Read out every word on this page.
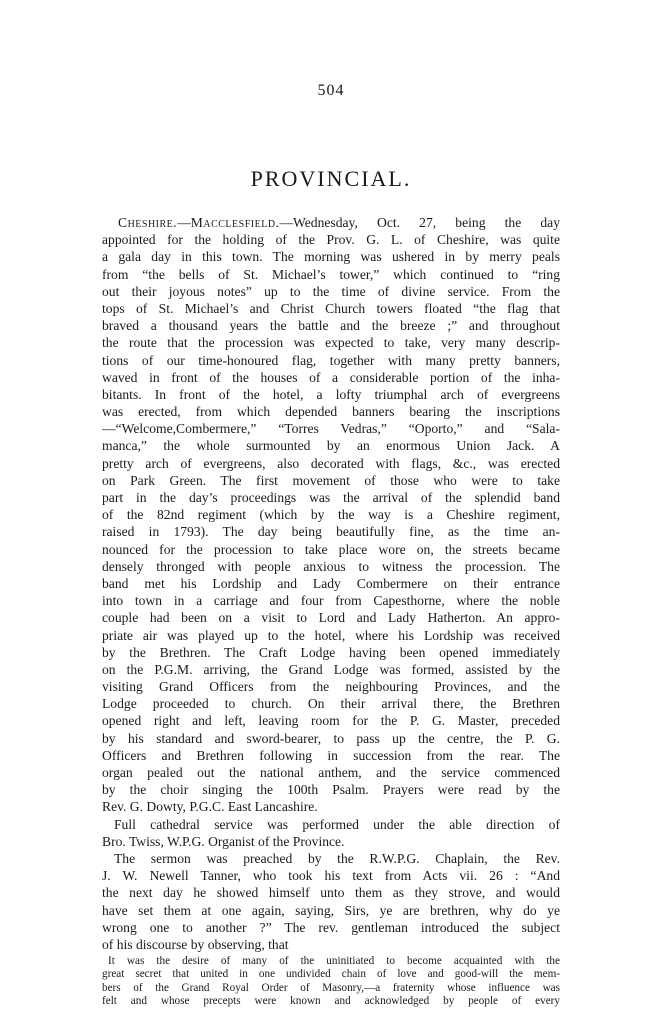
504
PROVINCIAL.
Cheshire.—Macclesfield.—Wednesday, Oct. 27, being the day
appointed for the holding of the Prov. G. L. of Cheshire, was quite
a gala day in this town. The morning was ushered in by merry peals
from “the bells of St. Michael’s tower,” which continued to “ring
out their joyous notes” up to the time of divine service. From the
tops of St. Michael’s and Christ Church towers floated “the flag that
braved a thousand years the battle and the breeze ;” and throughout
the route that the procession was expected to take, very many descrip-
tions of our time-honoured flag, together with many pretty banners,
waved in front of the houses of a considerable portion of the inha-
bitants. In front of the hotel, a lofty triumphal arch of evergreens
was erected, from which depended banners bearing the inscriptions
—“Welcome,Combermere,” “Torres Vedras,” “Oporto,” and “Sala-
manca,” the whole surmounted by an enormous Union Jack. A
pretty arch of evergreens, also decorated with flags, &c., was erected
on Park Green. The first movement of those who were to take
part in the day’s proceedings was the arrival of the splendid band
of the 82nd regiment (which by the way is a Cheshire regiment,
raised in 1793). The day being beautifully fine, as the time an-
nounced for the procession to take place wore on, the streets became
densely thronged with people anxious to witness the procession. The
band met his Lordship and Lady Combermere on their entrance
into town in a carriage and four from Capesthorne, where the noble
couple had been on a visit to Lord and Lady Hatherton. An appro-
priate air was played up to the hotel, where his Lordship was received
by the Brethren. The Craft Lodge having been opened immediately
on the P.G.M. arriving, the Grand Lodge was formed, assisted by the
visiting Grand Officers from the neighbouring Provinces, and the
Lodge proceeded to church. On their arrival there, the Brethren
opened right and left, leaving room for the P. G. Master, preceded
by his standard and sword-bearer, to pass up the centre, the P. G.
Officers and Brethren following in succession from the rear. The
organ pealed out the national anthem, and the service commenced
by the choir singing the 100th Psalm. Prayers were read by the
Rev. G. Dowty, P.G.C. East Lancashire.
Full cathedral service was performed under the able direction of
Bro. Twiss, W.P.G. Organist of the Province.
The sermon was preached by the R.W.P.G. Chaplain, the Rev.
J. W. Newell Tanner, who took his text from Acts vii. 26 : “And
the next day he showed himself unto them as they strove, and would
have set them at one again, saying, Sirs, ye are brethren, why do ye
wrong one to another ?” The rev. gentleman introduced the subject
of his discourse by observing, that
It was the desire of many of the uninitiated to become acquainted with the
great secret that united in one undivided chain of love and good-will the mem-
bers of the Grand Royal Order of Masonry,—a fraternity whose influence was
felt and whose precepts were known and acknowledged by people of every
